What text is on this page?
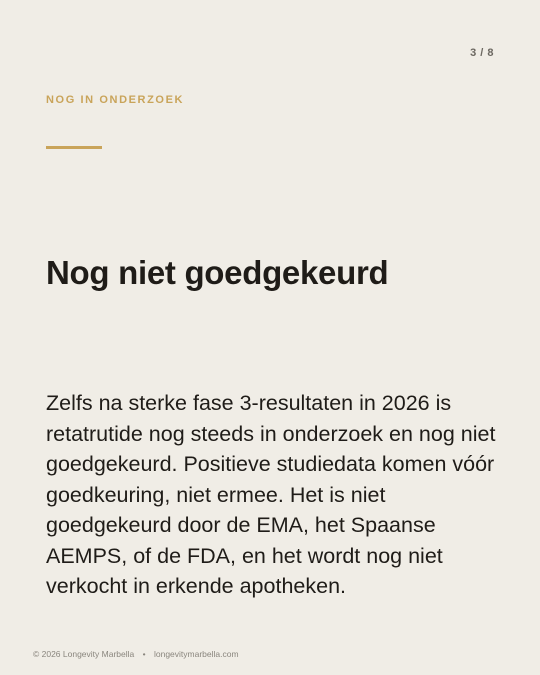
3 / 8
NOG IN ONDERZOEK
Nog niet goedgekeurd

Zelfs na sterke fase 3-resultaten in 2026 is retatrutide nog steeds in onderzoek en nog niet goedgekeurd. Positieve studiedata komen vóór goedkeuring, niet ermee. Het is niet goedgekeurd door de EMA, het Spaanse AEMPS, of de FDA, en het wordt nog niet verkocht in erkende apotheken.

© 2026 Longevity Marbella • longevitymarbella.com
